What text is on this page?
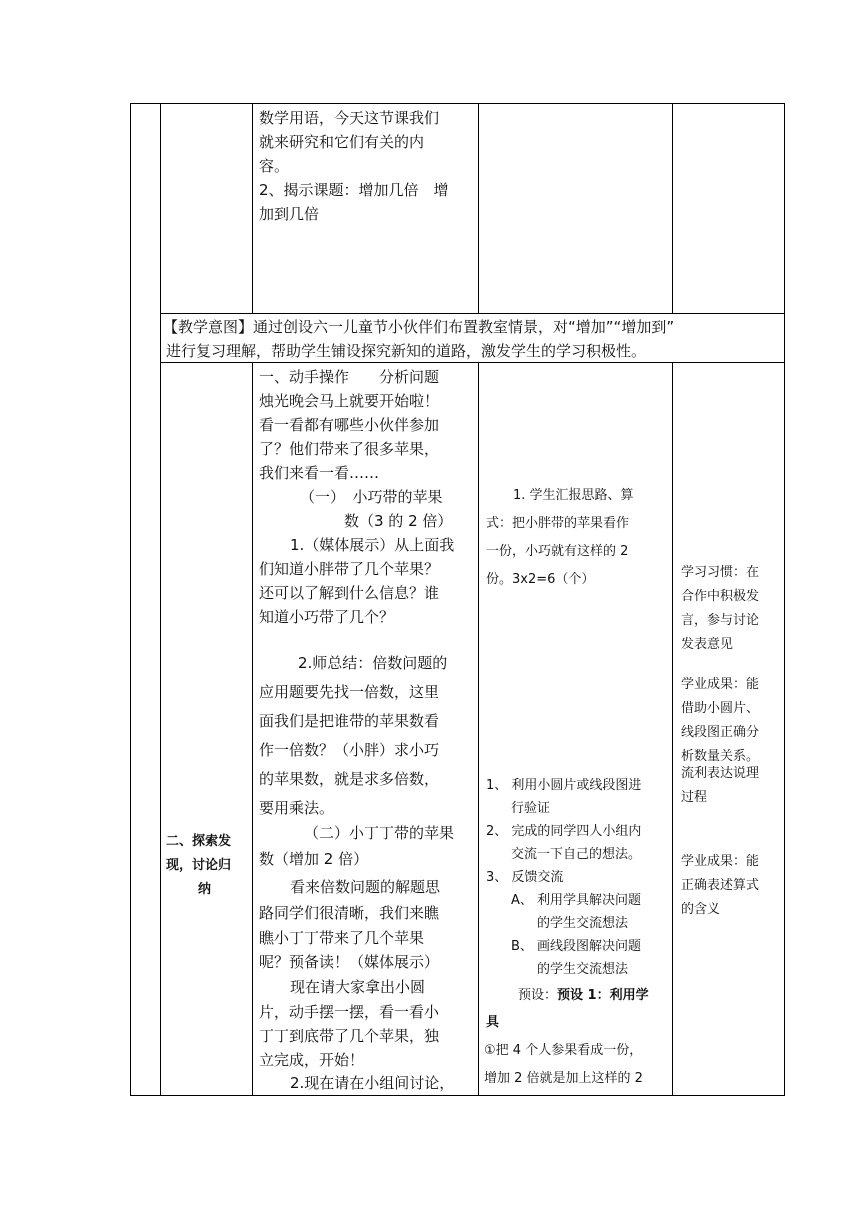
数学用语，今天这节课我们
就来研究和它们有关的内
容。
2、揭示课题：增加几倍　增
加到几倍
【教学意图】通过创设六一儿童节小伙伴们布置教室情景，对“增加”“增加到”
进行复习理解，帮助学生铺设探究新知的道路，激发学生的学习积极性。
二、探索发
现，讨论归
纳
一、动手操作　　分析问题
烛光晚会马上就要开始啦！
看一看都有哪些小伙伴参加
了？他们带来了很多苹果，
我们来看一看……
（一）　小巧带的苹果
数（3 的 2 倍）
1.（媒体展示）从上面我
们知道小胖带了几个苹果？
还可以了解到什么信息？谁
知道小巧带了几个？
2.师总结：倍数问题的
应用题要先找一倍数，这里
面我们是把谁带的苹果数看
作一倍数？（小胖）求小巧
的苹果数，就是求多倍数，
要用乘法。
（二）小丁丁带的苹果
数（增加 2 倍）
看来倍数问题的解题思
路同学们很清晰，我们来瞧
瞧小丁丁带来了几个苹果
呢？预备读！（媒体展示）
现在请大家拿出小圆
片，动手摆一摆，看一看小
丁丁到底带了几个苹果，独
立完成，开始！
2.现在请在小组间讨论，
1. 学生汇报思路、算
式：把小胖带的苹果看作
一份，小巧就有这样的 2
份。3x2=6（个）
1、 利用小圆片或线段图进
行验证
2、 完成的同学四人小组内
交流一下自己的想法。
3、 反馈交流
A、 利用学具解决问题
的学生交流想法
B、 画线段图解决问题
的学生交流想法
预设：预设 1：利用学
具
①把 4 个人参果看成一份，
增加 2 倍就是加上这样的 2
学习习惯：在
合作中积极发
言，参与讨论
发表意见
学业成果：能
借助小圆片、
线段图正确分
析数量关系。
流利表达说理
过程
学业成果：能
正确表述算式
的含义
